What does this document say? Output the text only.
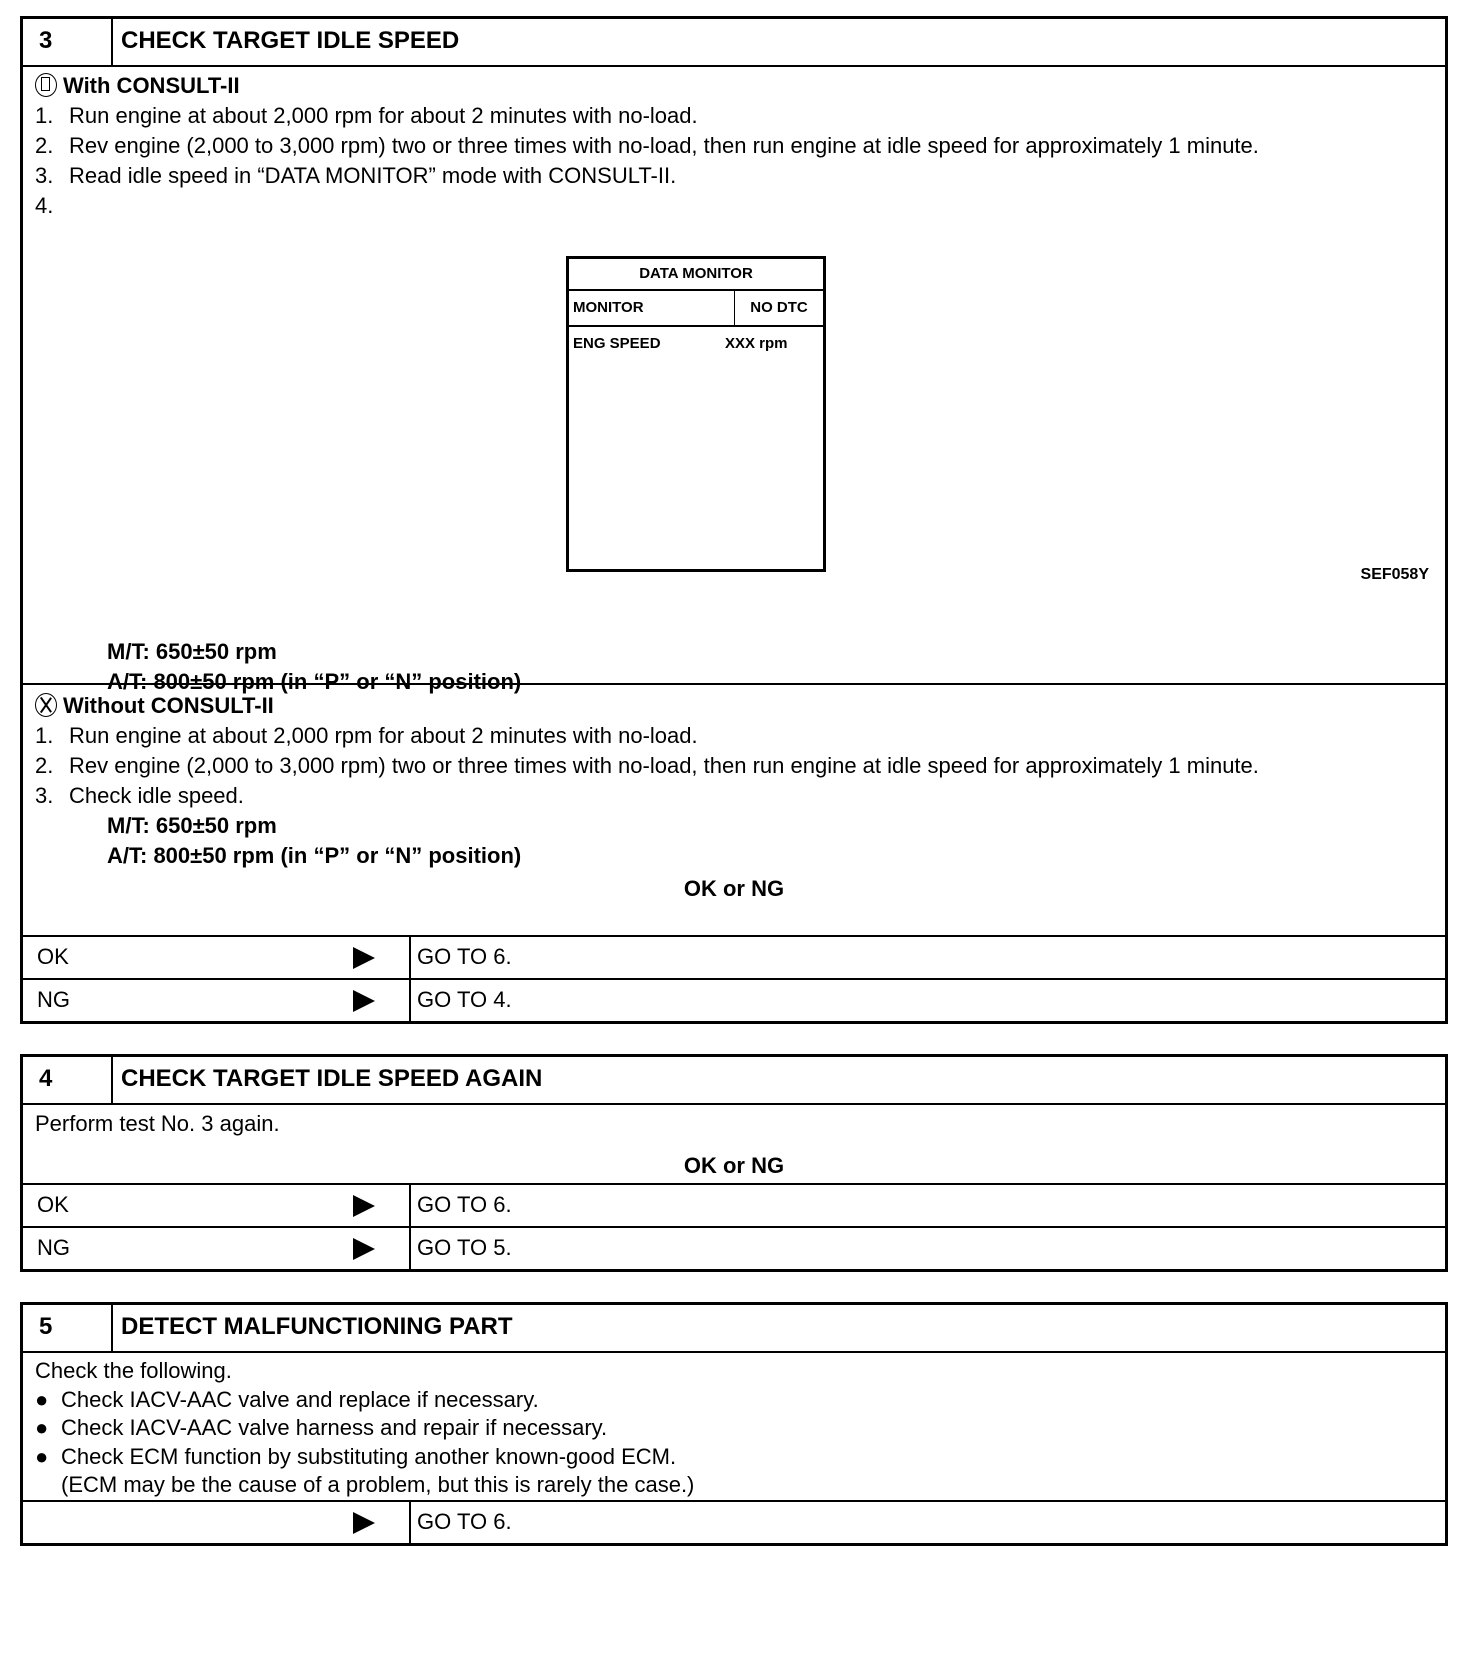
3	CHECK TARGET IDLE SPEED
With CONSULT-II
1. Run engine at about 2,000 rpm for about 2 minutes with no-load.
2. Rev engine (2,000 to 3,000 rpm) two or three times with no-load, then run engine at idle speed for approximately 1 minute.
3. Read idle speed in “DATA MONITOR” mode with CONSULT-II.
4.
M/T: 650±50 rpm
A/T: 800±50 rpm (in “P” or “N” position)
DATA MONITOR
MONITOR	NO DTC
ENG SPEED	XXX rpm
SEF058Y
Without CONSULT-II
1. Run engine at about 2,000 rpm for about 2 minutes with no-load.
2. Rev engine (2,000 to 3,000 rpm) two or three times with no-load, then run engine at idle speed for approximately 1 minute.
3. Check idle speed.
M/T: 650±50 rpm
A/T: 800±50 rpm (in “P” or “N” position)
OK or NG
OK	GO TO 6.
NG	GO TO 4.
4	CHECK TARGET IDLE SPEED AGAIN
Perform test No. 3 again.
OK or NG
OK	GO TO 6.
NG	GO TO 5.
5	DETECT MALFUNCTIONING PART
Check the following.
● Check IACV-AAC valve and replace if necessary.
● Check IACV-AAC valve harness and repair if necessary.
● Check ECM function by substituting another known-good ECM.
(ECM may be the cause of a problem, but this is rarely the case.)
GO TO 6.
